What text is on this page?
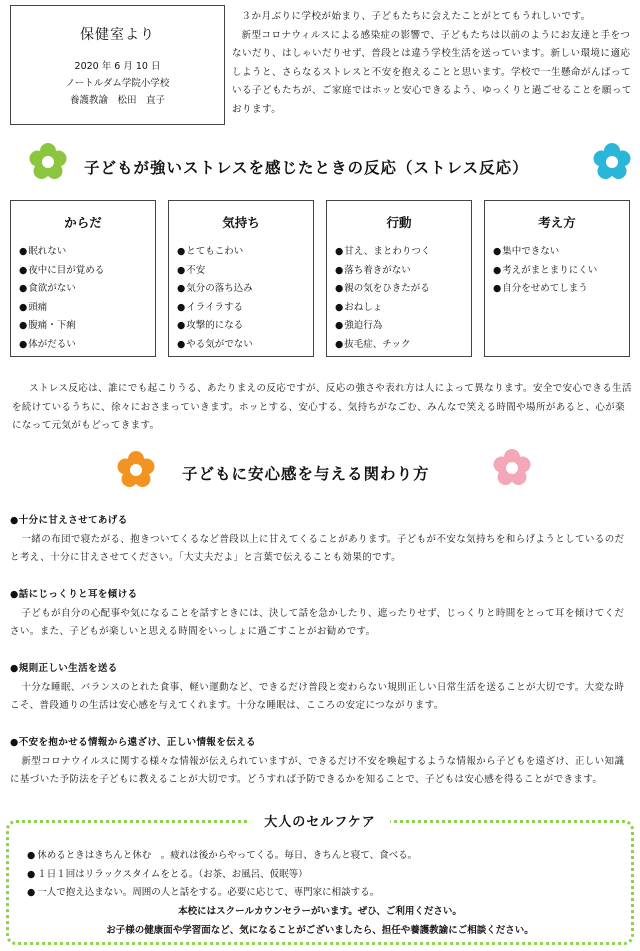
保健室より
2020 年 6 月 10 日
ノートルダム学院小学校
養護教諭　松田　直子

３か月ぶりに学校が始まり、子どもたちに会えたことがとてもうれしいです。

新型コロナウィルスによる感染症の影響で、子どもたちは以前のようにお友達と手をつないだり、はしゃいだりせず、普段とは違う学校生活を送っています。新しい環境に適応しようと、さらなるストレスと不安を抱えることと思います。学校で一生懸命がんばっている子どもたちが、ご家庭ではホッと安心できるよう、ゆっくりと過ごせることを願っております。

子どもが強いストレスを感じたときの反応（ストレス反応）
からだ
● 眠れない
● 夜中に目が覚める
● 食欲がない
● 頭痛
● 腹痛・下痢
● 体がだるい
気持ち
● とてもこわい
● 不安
● 気分の落ち込み
● イライラする
● 攻撃的になる
● やる気がでない
行動
● 甘え、まとわりつく
● 落ち着きがない
● 親の気をひきたがる
● おねしょ
● 強迫行為
● 抜毛症、チック
考え方
● 集中できない
● 考えがまとまりにくい
● 自分をせめてしまう

ストレス反応は、誰にでも起こりうる、あたりまえの反応ですが、反応の強さや表れ方は人によって異なります。安全で安心できる生活を続けているうちに、徐々におさまっていきます。ホッとする、安心する、気持ちがなごむ、みんなで笑える時間や場所があると、心が楽になって元気がもどってきます。

子どもに安心感を与える関わり方
● 十分に甘えさせてあげる
一緒の布団で寝たがる、抱きついてくるなど普段以上に甘えてくることがあります。子どもが不安な気持ちを和らげようとしているのだと考え、十分に甘えさせてください。「大丈夫だよ」と言葉で伝えることも効果的です。
● 話にじっくりと耳を傾ける
子どもが自分の心配事や気になることを話すときには、決して話を急かしたり、遮ったりせず、じっくりと時間をとって耳を傾けてください。また、子どもが楽しいと思える時間をいっしょに過ごすことがお勧めです。
● 規則正しい生活を送る
十分な睡眠、バランスのとれた食事、軽い運動など、できるだけ普段と変わらない規則正しい日常生活を送ることが大切です。大変な時こそ、普段通りの生活は安心感を与えてくれます。十分な睡眠は、こころの安定につながります。
● 不安を抱かせる情報から遠ざけ、正しい情報を伝える
新型コロナウイルスに関する様々な情報が伝えられていますが、できるだけ不安を喚起するような情報から子どもを遠ざけ、正しい知識に基づいた予防法を子どもに教えることが大切です。どうすれば予防できるかを知ることで、子どもは安心感を得ることができます。
大人のセルフケア
● 休めるときはきちんと休む　。疲れは後からやってくる。毎日、きちんと寝て、食べる。
● １日１回はリラックスタイムをとる。（お茶、お風呂、仮眠等）
● 一人で抱え込まない。周囲の人と話をする。必要に応じて、専門家に相談する。
本校にはスクールカウンセラーがいます。ぜひ、ご利用ください。
お子様の健康面や学習面など、気になることがございましたら、担任や養護教諭にご相談ください。
